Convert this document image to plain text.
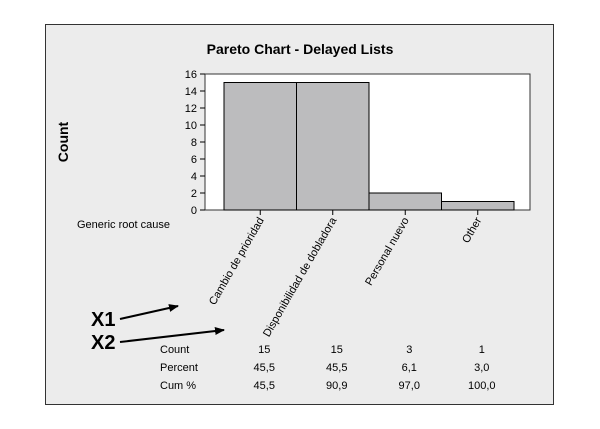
Pareto Chart - Delayed Lists
Count
Generic root cause
0
2
4
6
8
10
12
14
16
Cambio de prioridad
Disponibilidad de dobladora Personal nuevo	Other
Count	15	15	3	1
Percent	45,5	45,5	6,1	3,0
Cum %	45,5	90,9	97,0	100,0
X1
X2
